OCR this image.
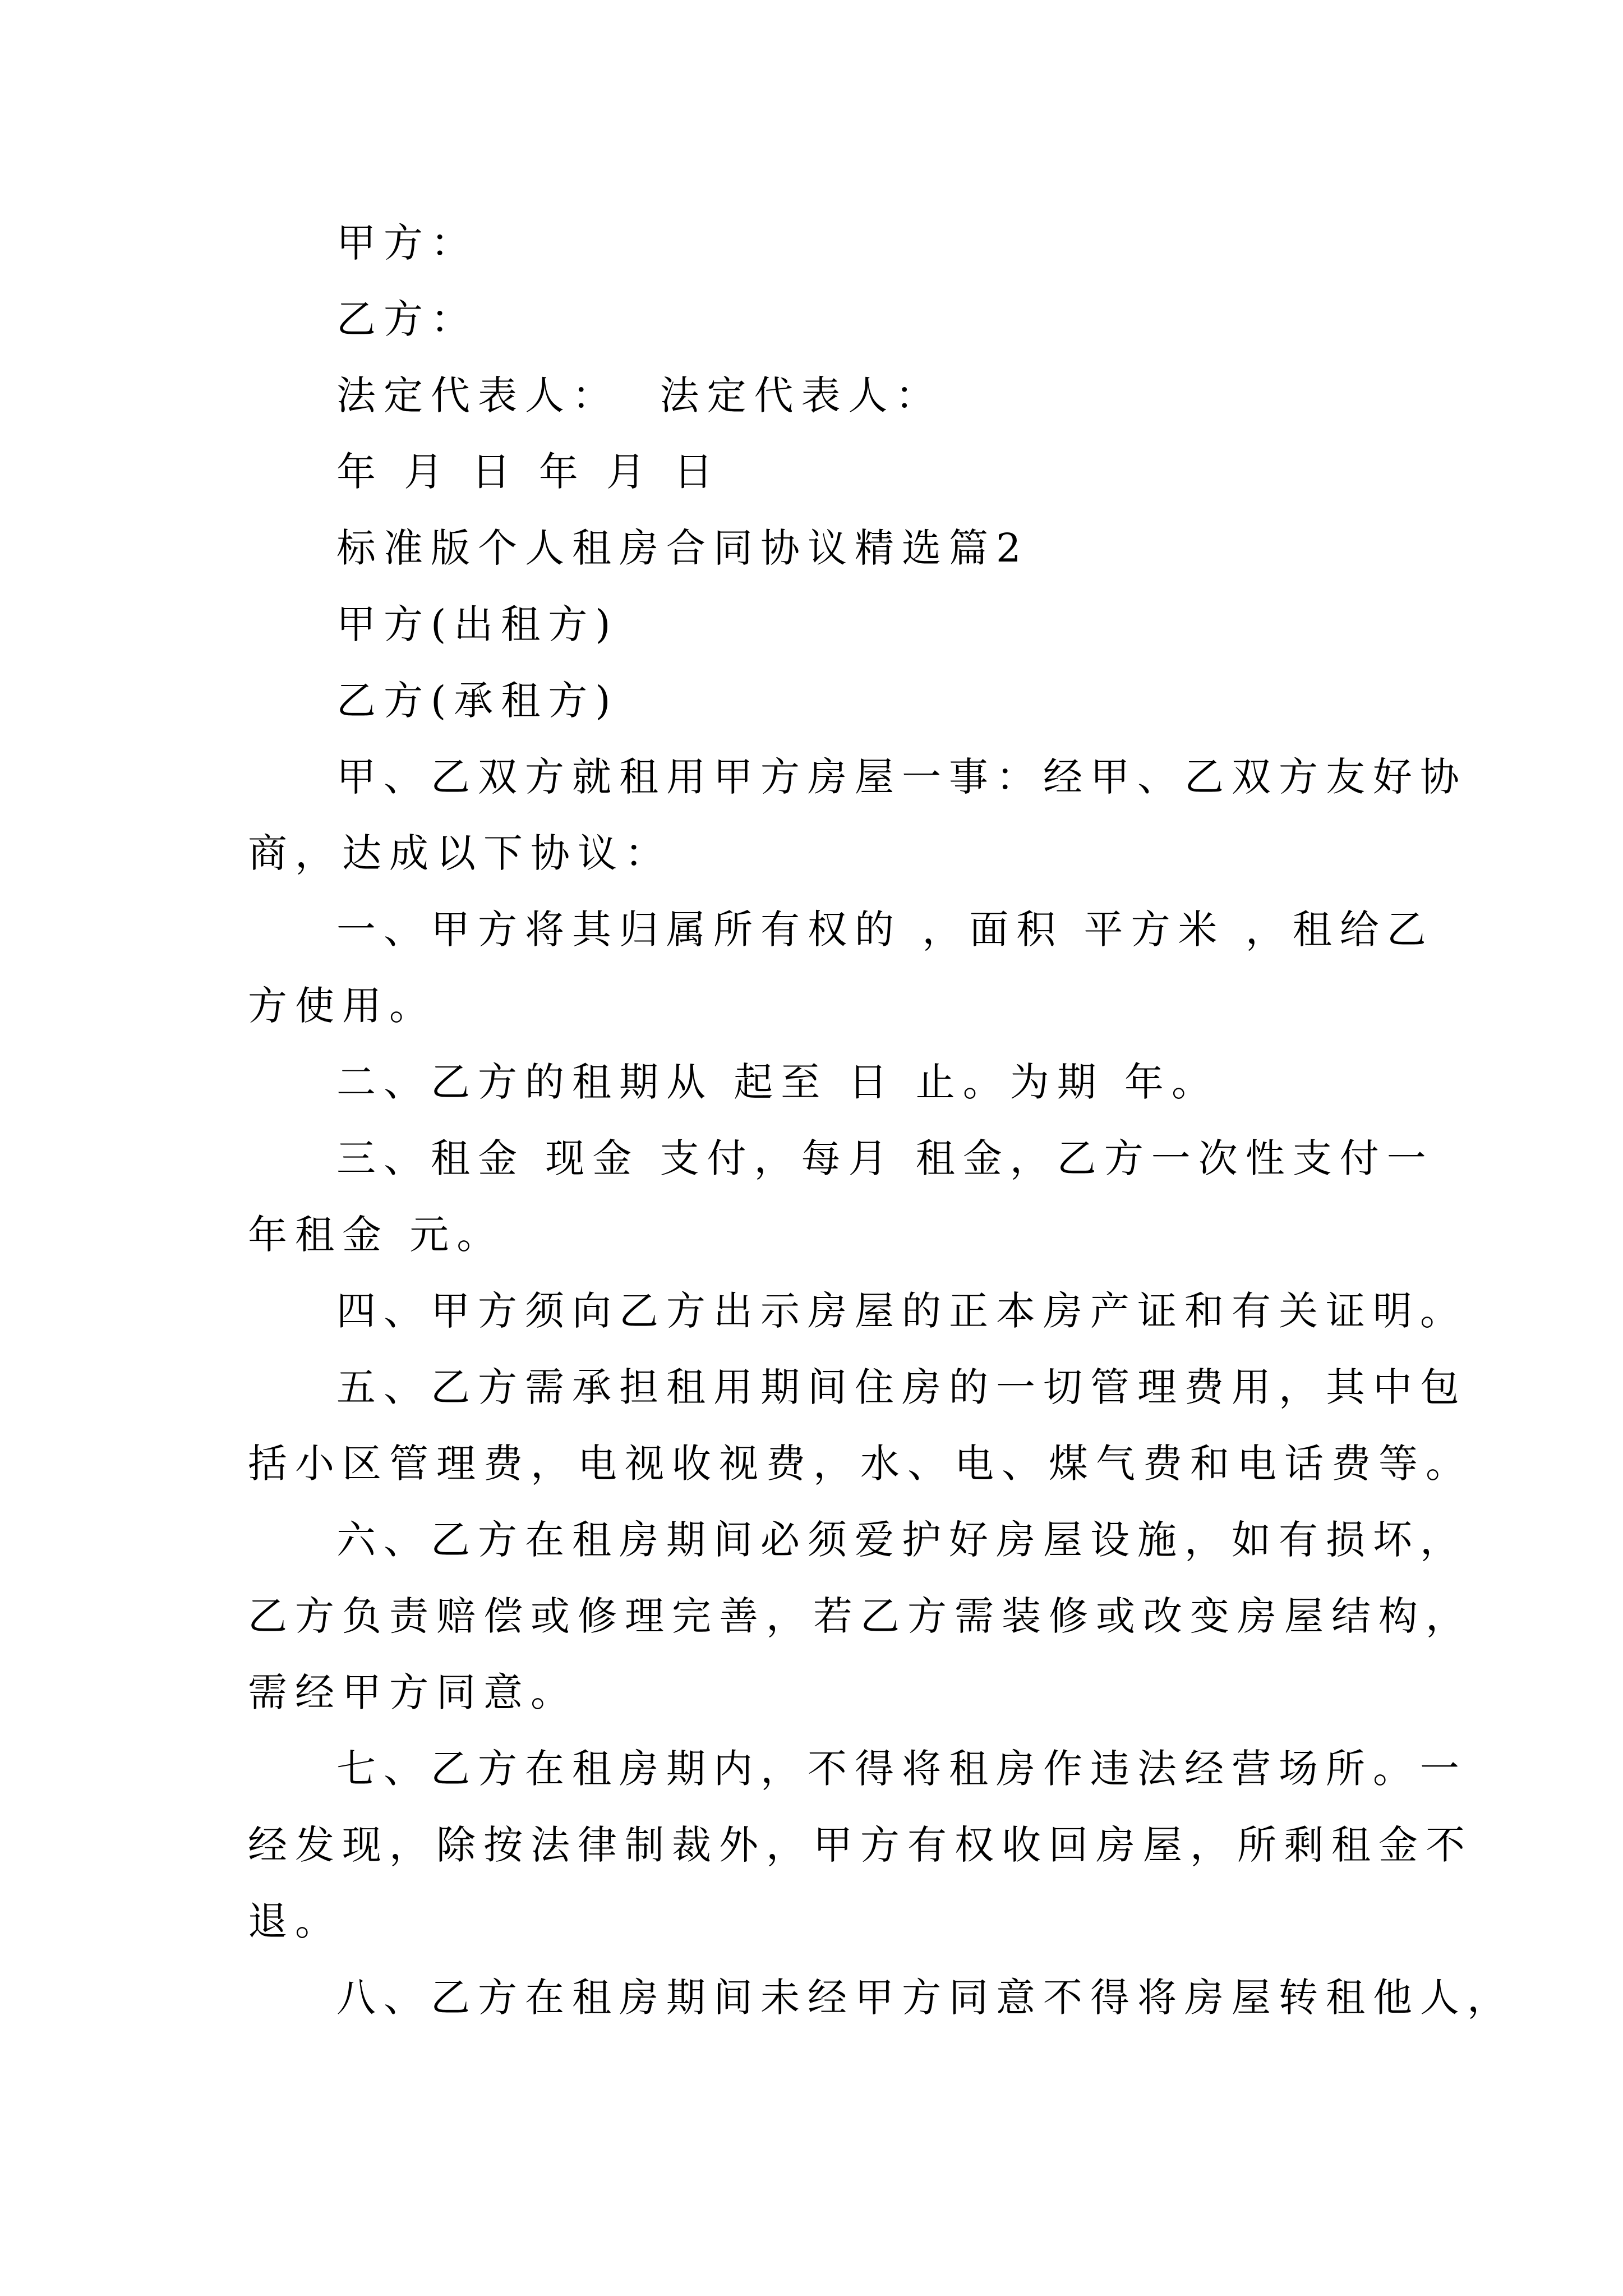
甲方：
乙方：
法定代表人：  法定代表人：
年 月 日 年 月 日
标准版个人租房合同协议精选篇2
甲方(出租方)
乙方(承租方)
甲、乙双方就租用甲方房屋一事：经甲、乙双方友好协
商，达成以下协议：
一、甲方将其归属所有权的 ，面积 平方米 ，租给乙
方使用。
二、乙方的租期从 起至 日 止。为期 年。
三、租金 现金 支付，每月 租金，乙方一次性支付一
年租金 元。
四、甲方须向乙方出示房屋的正本房产证和有关证明。
五、乙方需承担租用期间住房的一切管理费用，其中包
括小区管理费，电视收视费，水、电、煤气费和电话费等。
六、乙方在租房期间必须爱护好房屋设施，如有损坏，
乙方负责赔偿或修理完善，若乙方需装修或改变房屋结构，
需经甲方同意。
七、乙方在租房期内，不得将租房作违法经营场所。一
经发现，除按法律制裁外，甲方有权收回房屋，所剩租金不
退。
八、乙方在租房期间未经甲方同意不得将房屋转租他人，
